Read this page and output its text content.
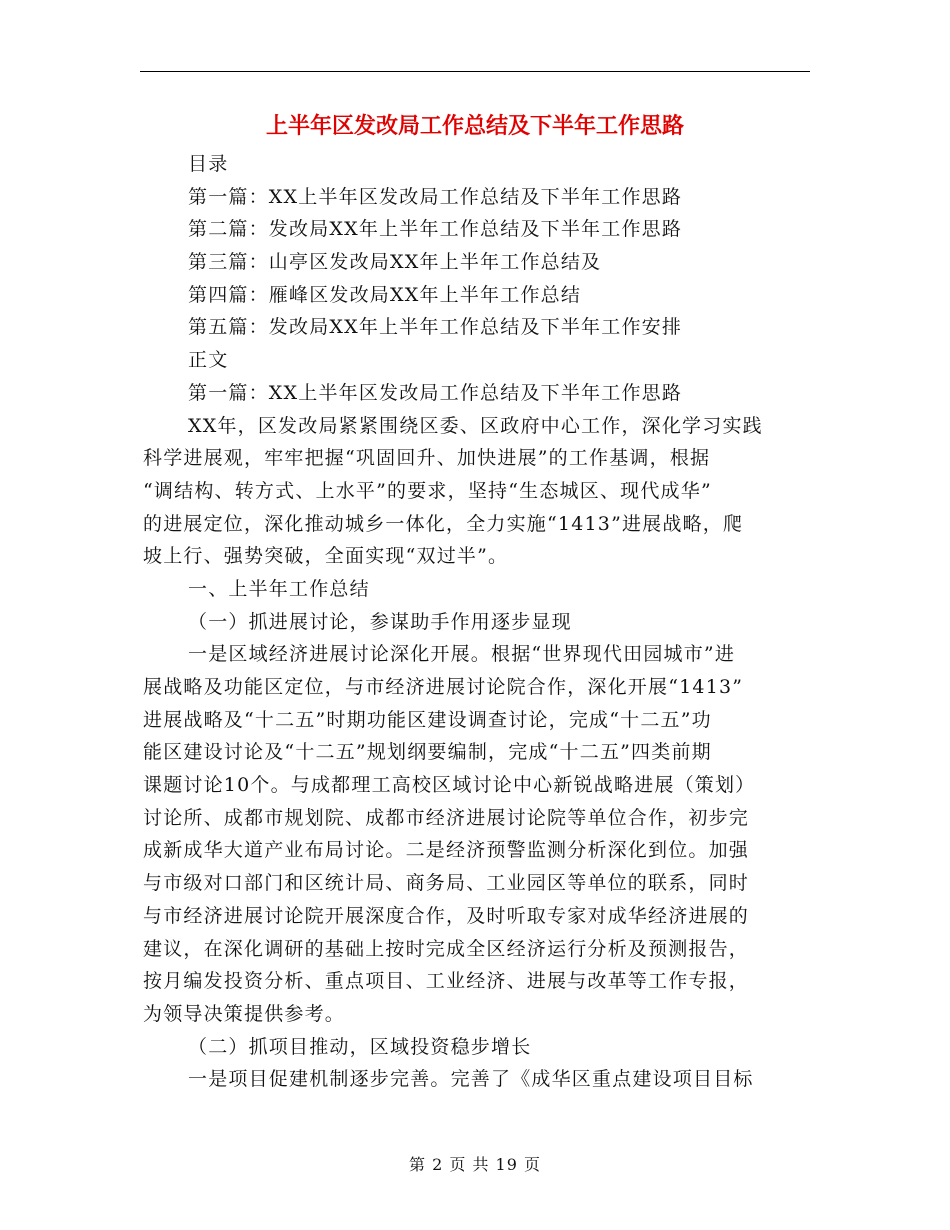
上半年区发改局工作总结及下半年工作思路
目录
第一篇：XX上半年区发改局工作总结及下半年工作思路
第二篇：发改局XX年上半年工作总结及下半年工作思路
第三篇：山亭区发改局XX年上半年工作总结及
第四篇：雁峰区发改局XX年上半年工作总结
第五篇：发改局XX年上半年工作总结及下半年工作安排
正文
第一篇：XX上半年区发改局工作总结及下半年工作思路
XX年，区发改局紧紧围绕区委、区政府中心工作，深化学习实践
科学进展观，牢牢把握“巩固回升、加快进展”的工作基调，根据
“调结构、转方式、上水平”的要求，坚持“生态城区、现代成华”
的进展定位，深化推动城乡一体化，全力实施“1413”进展战略，爬
坡上行、强势突破，全面实现“双过半”。
一、上半年工作总结
（一）抓进展讨论，参谋助手作用逐步显现
一是区域经济进展讨论深化开展。根据“世界现代田园城市”进
展战略及功能区定位，与市经济进展讨论院合作，深化开展“1413”
进展战略及“十二五”时期功能区建设调查讨论，完成“十二五”功
能区建设讨论及“十二五”规划纲要编制，完成“十二五”四类前期
课题讨论10个。与成都理工高校区域讨论中心新锐战略进展（策划）
讨论所、成都市规划院、成都市经济进展讨论院等单位合作，初步完
成新成华大道产业布局讨论。二是经济预警监测分析深化到位。加强
与市级对口部门和区统计局、商务局、工业园区等单位的联系，同时
与市经济进展讨论院开展深度合作，及时听取专家对成华经济进展的
建议，在深化调研的基础上按时完成全区经济运行分析及预测报告，
按月编发投资分析、重点项目、工业经济、进展与改革等工作专报，
为领导决策提供参考。
（二）抓项目推动，区域投资稳步增长
一是项目促建机制逐步完善。完善了《成华区重点建设项目目标
第 2 页 共 19 页
